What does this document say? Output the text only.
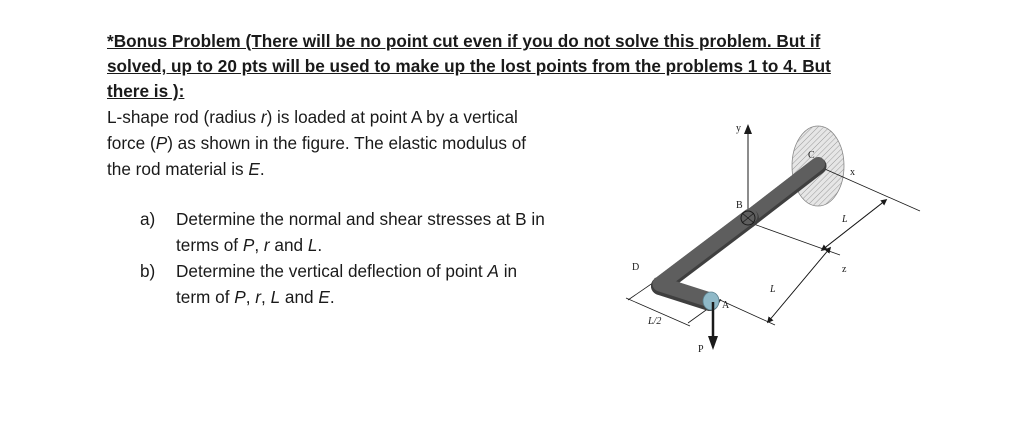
*Bonus Problem (There will be no point cut even if you do not solve this problem. But if
solved, up to 20 pts will be used to make up the lost points from the problems 1 to 4. But
there is ):
L-shape rod (radius r) is loaded at point A by a vertical
force (P) as shown in the figure. The elastic modulus of
the rod material is E.
a)	Determine the normal and shear stresses at B in
terms of P, r and L.
b)	Determine the vertical deflection of point A in
term of P, r, L and E.
y
x
z
L
L
L/2
A
B
C
D
P
